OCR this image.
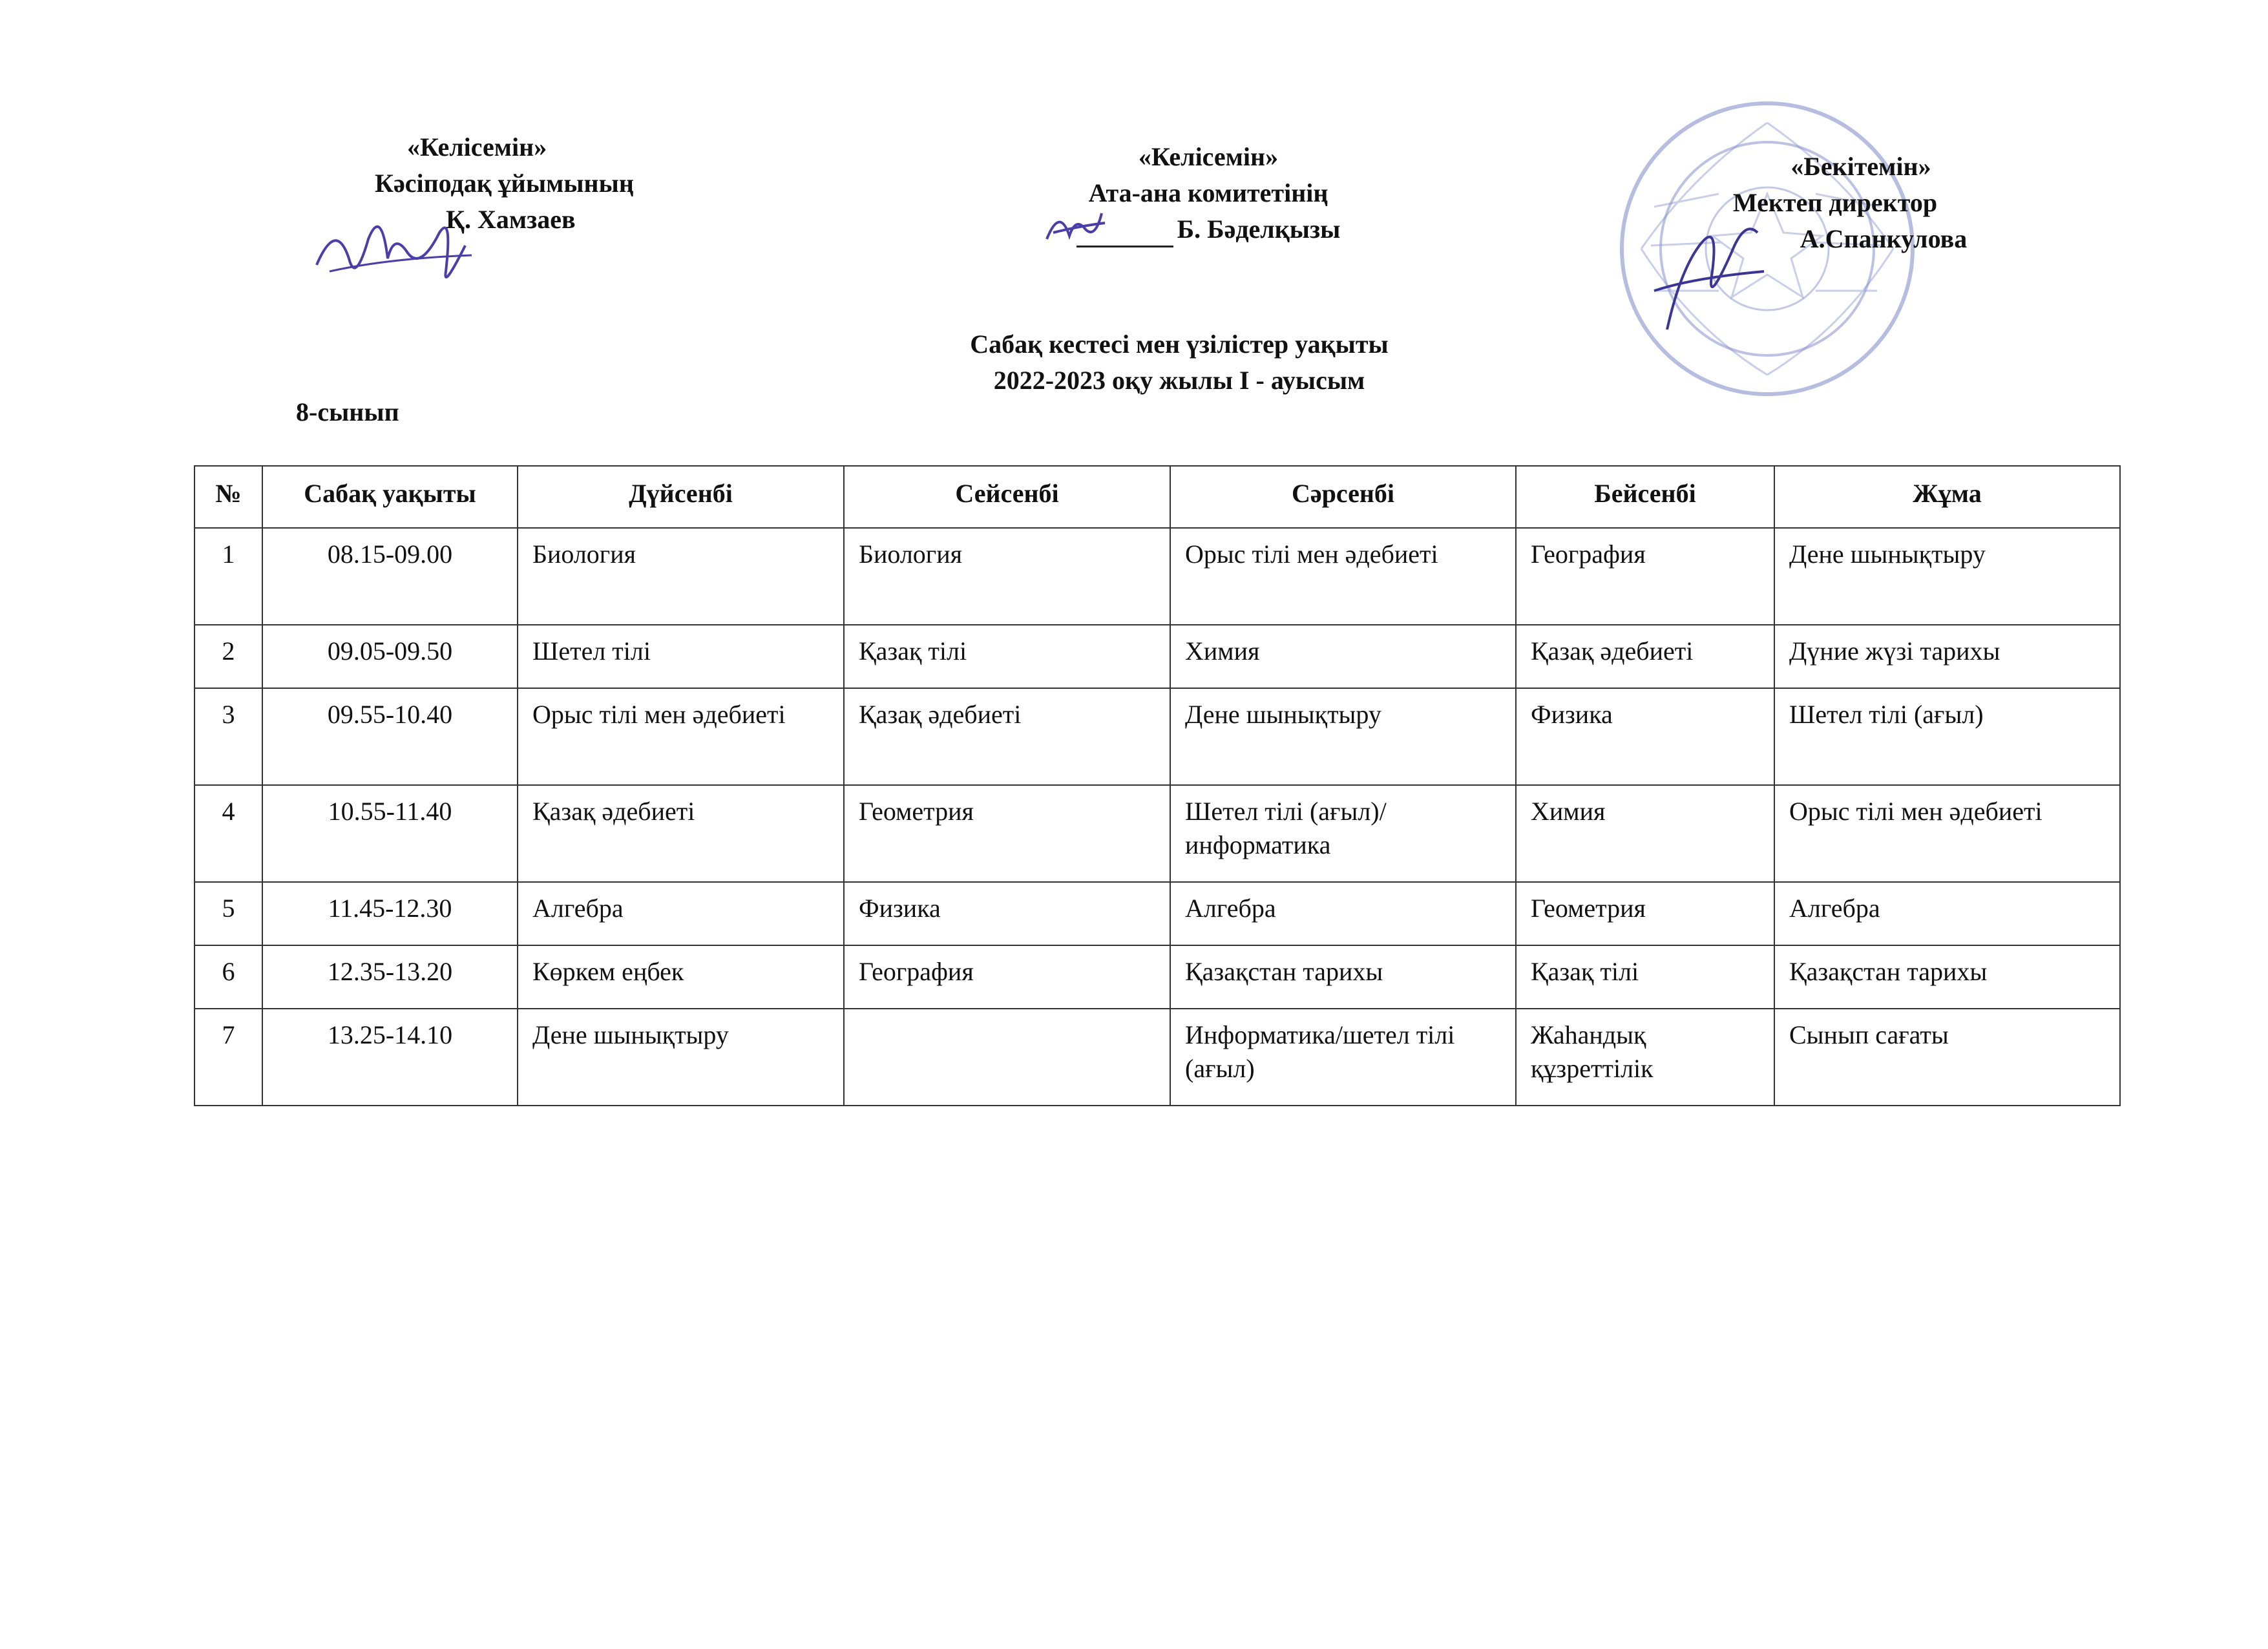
«Келісемін»
Кәсіподақ ұйымының
Қ. Хамзаев
«Келісемін»
Ата-ана комитетінің
Б. Бәделқызы
«Бекітемін»
Мектеп директор
А.Спанкулова
Сабақ кестесі мен үзілістер уақыты
2022-2023 оқу жылы I - ауысым
8-сынып
№	Сабақ уақыты	Дүйсенбі	Сейсенбі	Сәрсенбі	Бейсенбі	Жұма
1	08.15-09.00	Биология	Биология	Орыс тілі мен әдебиеті	География	Дене шынықтыру
2	09.05-09.50	Шетел тілі	Қазақ тілі	Химия	Қазақ әдебиеті	Дүние жүзі тарихы
3	09.55-10.40	Орыс тілі мен әдебиеті	Қазақ әдебиеті	Дене шынықтыру	Физика	Шетел тілі (ағыл)
4	10.55-11.40	Қазақ әдебиеті	Геометрия	Шетел тілі (ағыл)/информатика	Химия	Орыс тілі мен әдебиеті
5	11.45-12.30	Алгебра	Физика	Алгебра	Геометрия	Алгебра
6	12.35-13.20	Көркем еңбек	География	Қазақстан тарихы	Қазақ тілі	Қазақстан тарихы
7	13.25-14.10	Дене шынықтыру		Информатика/шетел тілі (ағыл)	Жаһандық құзреттілік	Сынып сағаты
